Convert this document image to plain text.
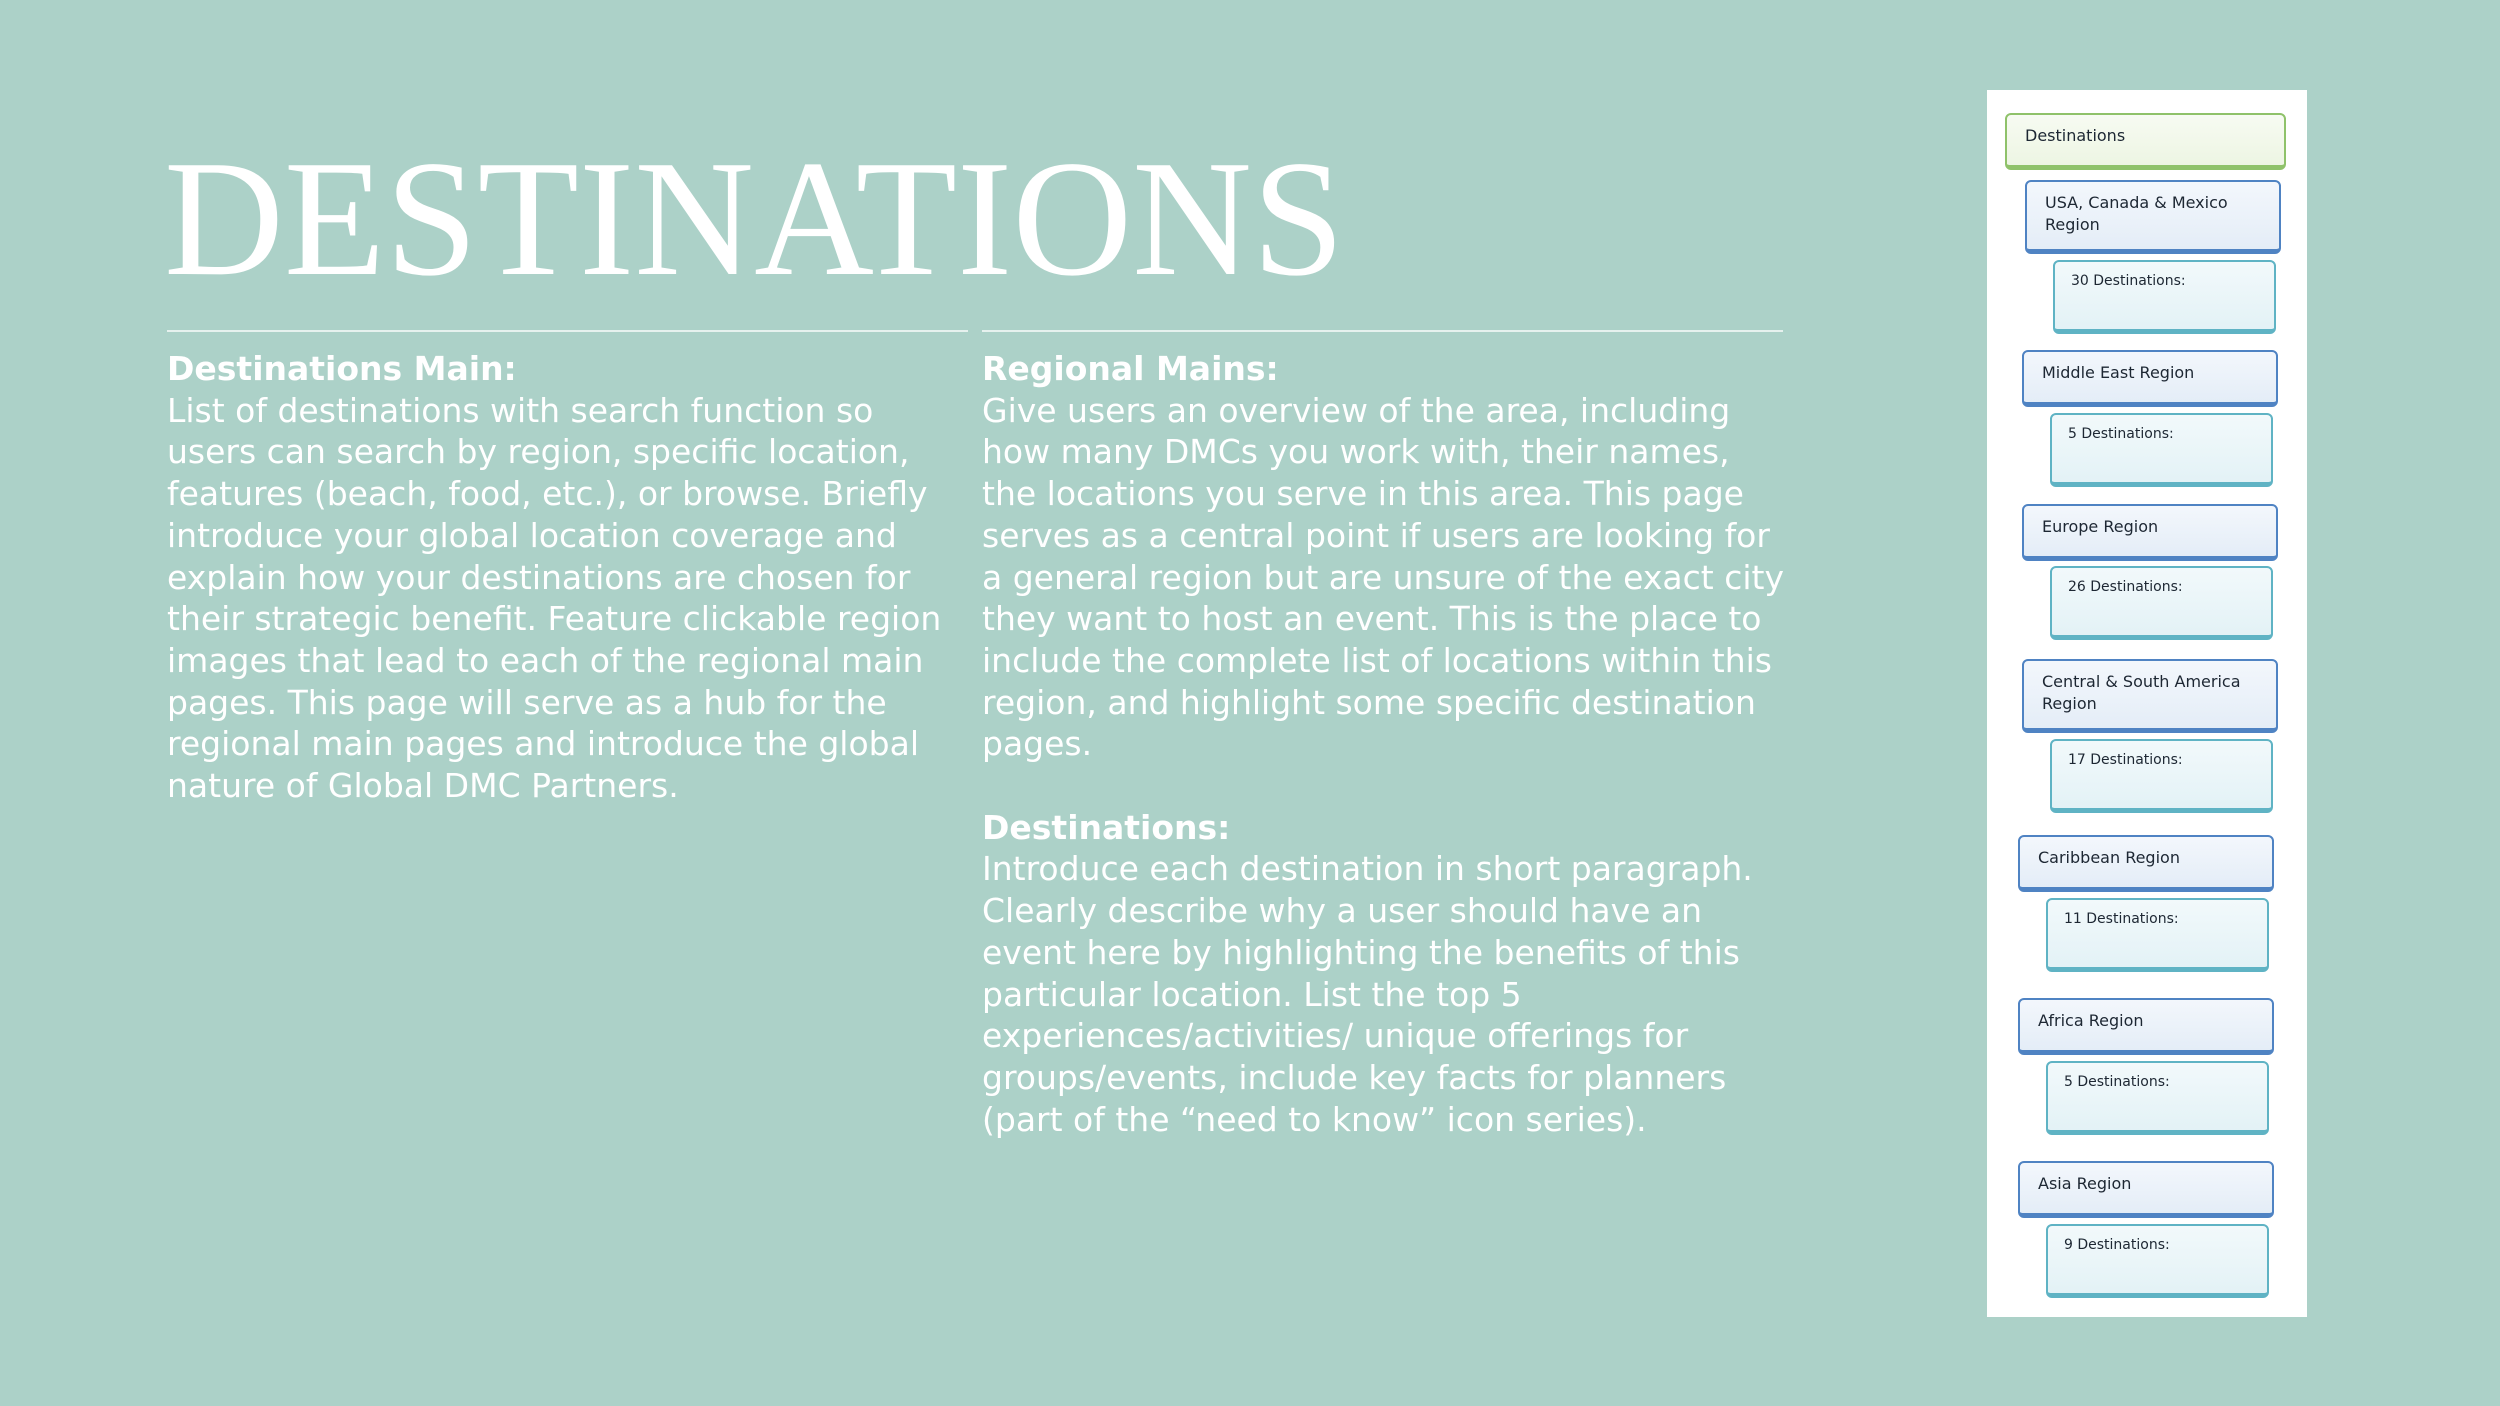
DESTINATIONS
Destinations Main:
List of destinations with search function so users can search by region, specific location, features (beach, food, etc.), or browse. Briefly introduce your global location coverage and explain how your destinations are chosen for their strategic benefit. Feature clickable region images that lead to each of the regional main pages. This page will serve as a hub for the regional main pages and introduce the global nature of Global DMC Partners.
Regional Mains:
Give users an overview of the area, including how many DMCs you work with, their names, the locations you serve in this area. This page serves as a central point if users are looking for a general region but are unsure of the exact city they want to host an event. This is the place to include the complete list of locations within this region, and highlight some specific destination pages.
Destinations:
Introduce each destination in short paragraph. Clearly describe why a user should have an event here by highlighting the benefits of this particular location. List the top 5 experiences/activities/ unique offerings for groups/events, include key facts for planners (part of the “need to know” icon series).
Destinations
USA, Canada & Mexico Region
30 Destinations:
Middle East Region
5 Destinations:
Europe Region
26 Destinations:
Central & South America Region
17 Destinations:
Caribbean Region
11 Destinations:
Africa Region
5 Destinations:
Asia Region
9 Destinations:
